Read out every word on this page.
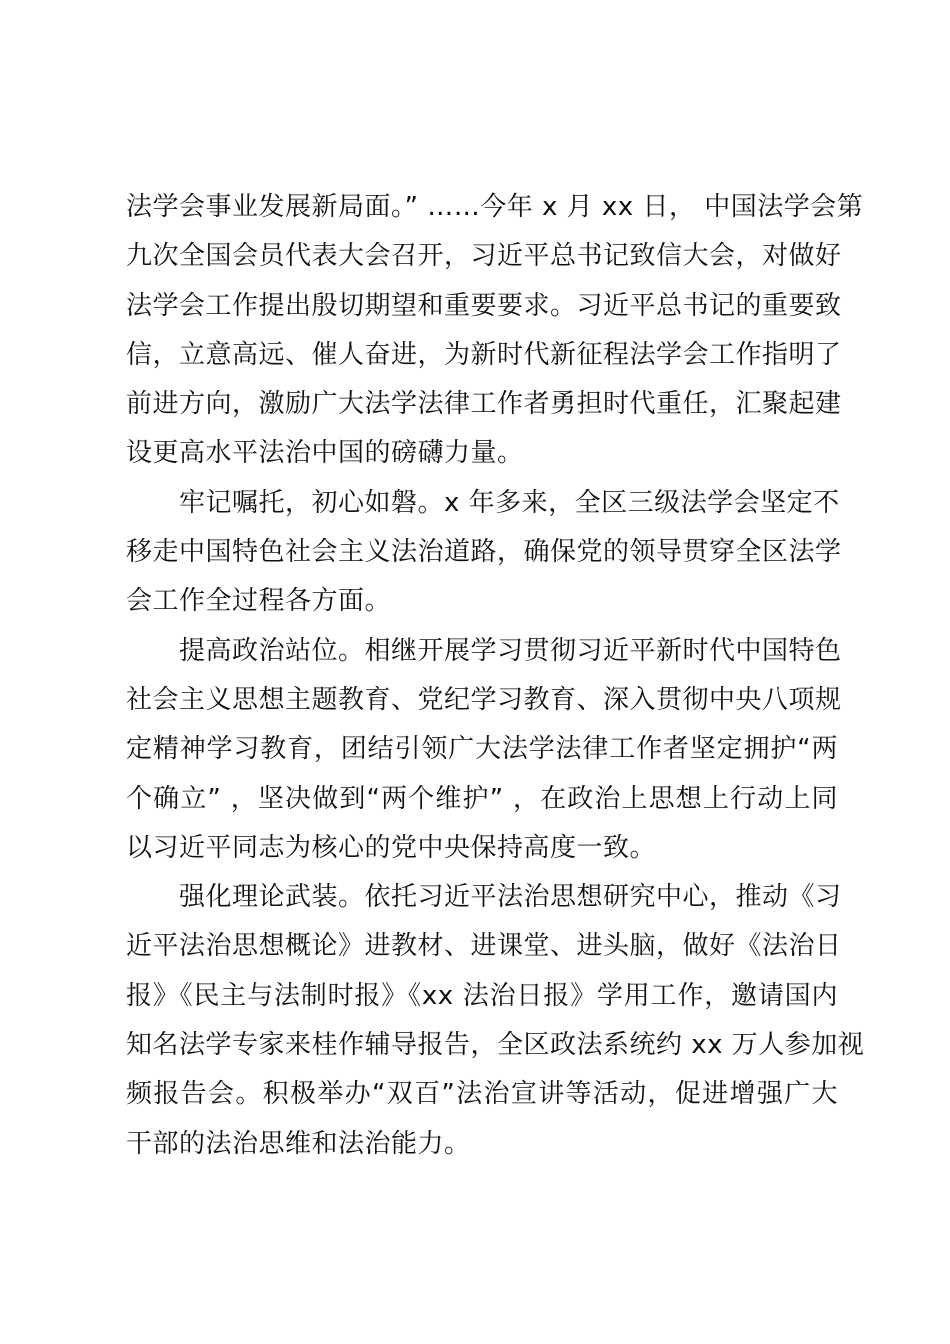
法学会事业发展新局面。” ……今年 x 月 xx 日， 中国法学会第
九次全国会员代表大会召开，习近平总书记致信大会，对做好
法学会工作提出殷切期望和重要要求。习近平总书记的重要致
信，立意高远、催人奋进，为新时代新征程法学会工作指明了
前进方向，激励广大法学法律工作者勇担时代重任，汇聚起建
设更高水平法治中国的磅礴力量。
　　牢记嘱托，初心如磐。x 年多来，全区三级法学会坚定不
移走中国特色社会主义法治道路，确保党的领导贯穿全区法学
会工作全过程各方面。
　　提高政治站位。相继开展学习贯彻习近平新时代中国特色
社会主义思想主题教育、党纪学习教育、深入贯彻中央八项规
定精神学习教育，团结引领广大法学法律工作者坚定拥护“两
个确立” ，坚决做到“两个维护” ，在政治上思想上行动上同
以习近平同志为核心的党中央保持高度一致。
　　强化理论武装。依托习近平法治思想研究中心，推动《习
近平法治思想概论》进教材、进课堂、进头脑，做好《法治日
报》《民主与法制时报》《xx 法治日报》学用工作，邀请国内
知名法学专家来桂作辅导报告，全区政法系统约 xx 万人参加视
频报告会。积极举办“双百”法治宣讲等活动，促进增强广大
干部的法治思维和法治能力。
